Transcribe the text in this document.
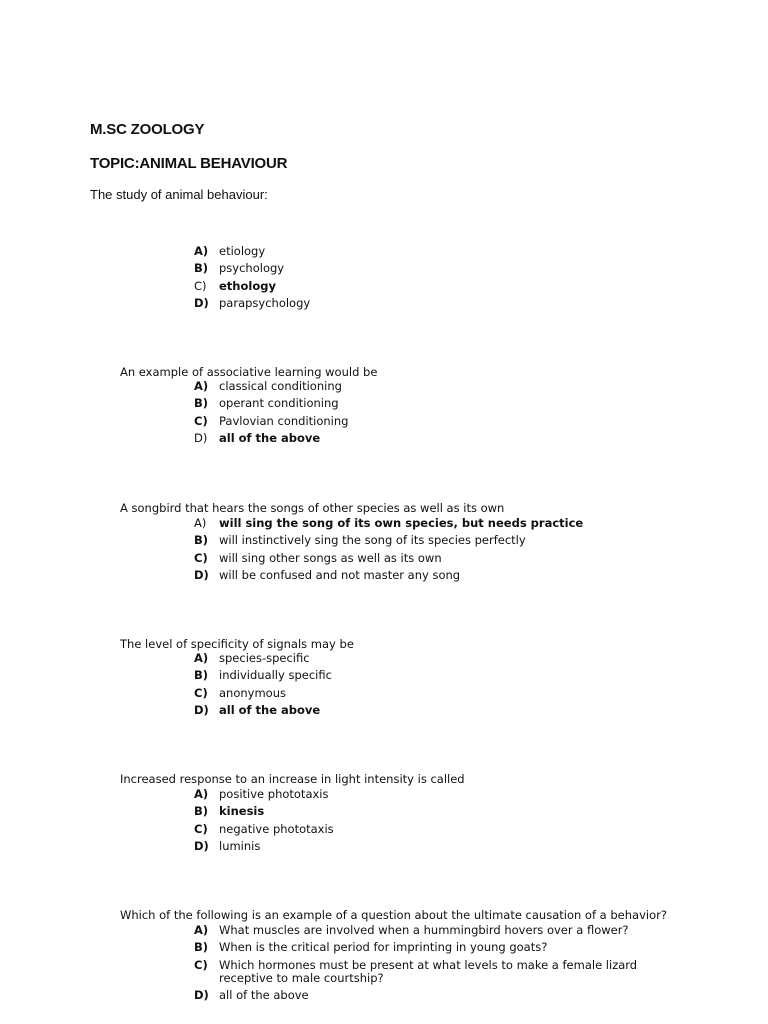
M.SC ZOOLOGY
TOPIC:ANIMAL BEHAVIOUR

The study of animal behaviour:

A) etiology
B) psychology
C)	ethology
D) parapsychology

An example of associative learning would be

A) classical conditioning
B) operant conditioning
C) Pavlovian conditioning
D)	all of the above

A songbird that hears the songs of other species as well as its own

A)	will sing the song of its own species, but needs practice
B) will instinctively sing the song of its species perfectly
C) will sing other songs as well as its own
D) will be confused and not master any song

The level of specificity of signals may be

A) species-specific
B) individually specific
C) anonymous
D) all of the above

Increased response to an increase in light intensity is called

A) positive phototaxis
B) kinesis
C) negative phototaxis
D) luminis

Which of the following is an example of a question about the ultimate causation of a behavior?

A) What muscles are involved when a hummingbird hovers over a flower?
B) When is the critical period for imprinting in young goats?
C) Which hormones must be present at what levels to make a female lizard receptive to male courtship?
D) all of the above
